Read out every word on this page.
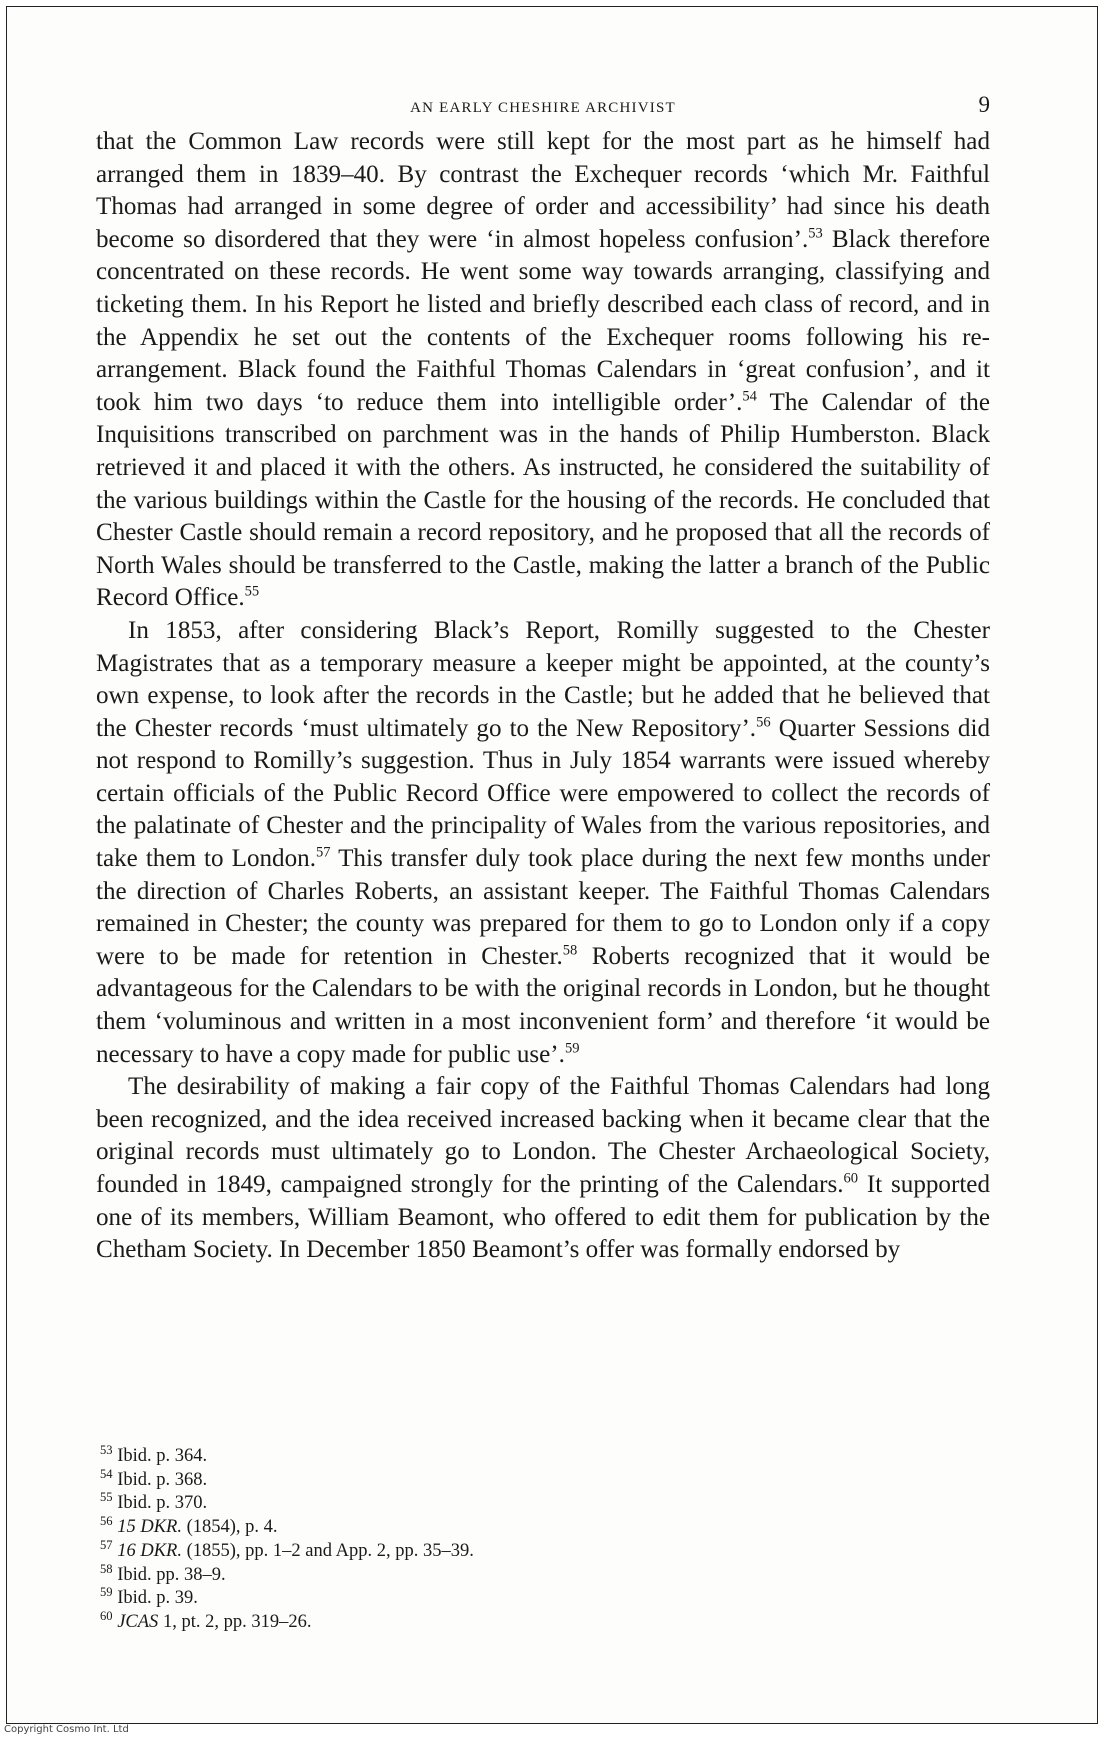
AN EARLY CHESHIRE ARCHIVIST	9

that the Common Law records were still kept for the most part as he himself had arranged them in 1839–40. By contrast the Exchequer records ‘which Mr. Faithful Thomas had arranged in some degree of order and accessibility’ had since his death become so disordered that they were ‘in almost hopeless confusion’.$^{53}$ Black therefore concentrated on these records. He went some way towards arranging, classifying and ticketing them. In his Report he listed and briefly described each class of record, and in the Appendix he set out the contents of the Exchequer rooms following his re-arrangement. Black found the Faithful Thomas Calendars in ‘great confusion’, and it took him two days ‘to reduce them into intelligible order’.$^{54}$ The Calendar of the Inquisitions transcribed on parchment was in the hands of Philip Humberston. Black retrieved it and placed it with the others. As instructed, he considered the suitability of the various buildings within the Castle for the housing of the records. He concluded that Chester Castle should remain a record repository, and he proposed that all the records of North Wales should be transferred to the Castle, making the latter a branch of the Public Record Office.$^{55}$

In 1853, after considering Black’s Report, Romilly suggested to the Chester Magistrates that as a temporary measure a keeper might be appointed, at the county’s own expense, to look after the records in the Castle; but he added that he believed that the Chester records ‘must ultimately go to the New Repository’.$^{56}$ Quarter Sessions did not respond to Romilly’s suggestion. Thus in July 1854 warrants were issued whereby certain officials of the Public Record Office were empowered to collect the records of the palatinate of Chester and the principality of Wales from the various repositories, and take them to London.$^{57}$ This transfer duly took place during the next few months under the direction of Charles Roberts, an assistant keeper. The Faithful Thomas Calendars remained in Chester; the county was prepared for them to go to London only if a copy were to be made for retention in Chester.$^{58}$ Roberts recognized that it would be advantageous for the Calendars to be with the original records in London, but he thought them ‘voluminous and written in a most inconvenient form’ and therefore ‘it would be necessary to have a copy made for public use’.$^{59}$

The desirability of making a fair copy of the Faithful Thomas Calendars had long been recognized, and the idea received increased backing when it became clear that the original records must ultimately go to London. The Chester Archaeological Society, founded in 1849, campaigned strongly for the printing of the Calendars.$^{60}$ It supported one of its members, William Beamont, who offered to edit them for publication by the Chetham Society. In December 1850 Beamont’s offer was formally endorsed by

$^{53}$ Ibid. p. 364.
$^{54}$ Ibid. p. 368.
$^{55}$ Ibid. p. 370.
$^{56}$ 15 DKR. (1854), p. 4.
$^{57}$ 16 DKR. (1855), pp. 1–2 and App. 2, pp. 35–39.
$^{58}$ Ibid. pp. 38–9.
$^{59}$ Ibid. p. 39.
$^{60}$ JCAS 1, pt. 2, pp. 319–26.
Copyright Cosmo Int. Ltd
